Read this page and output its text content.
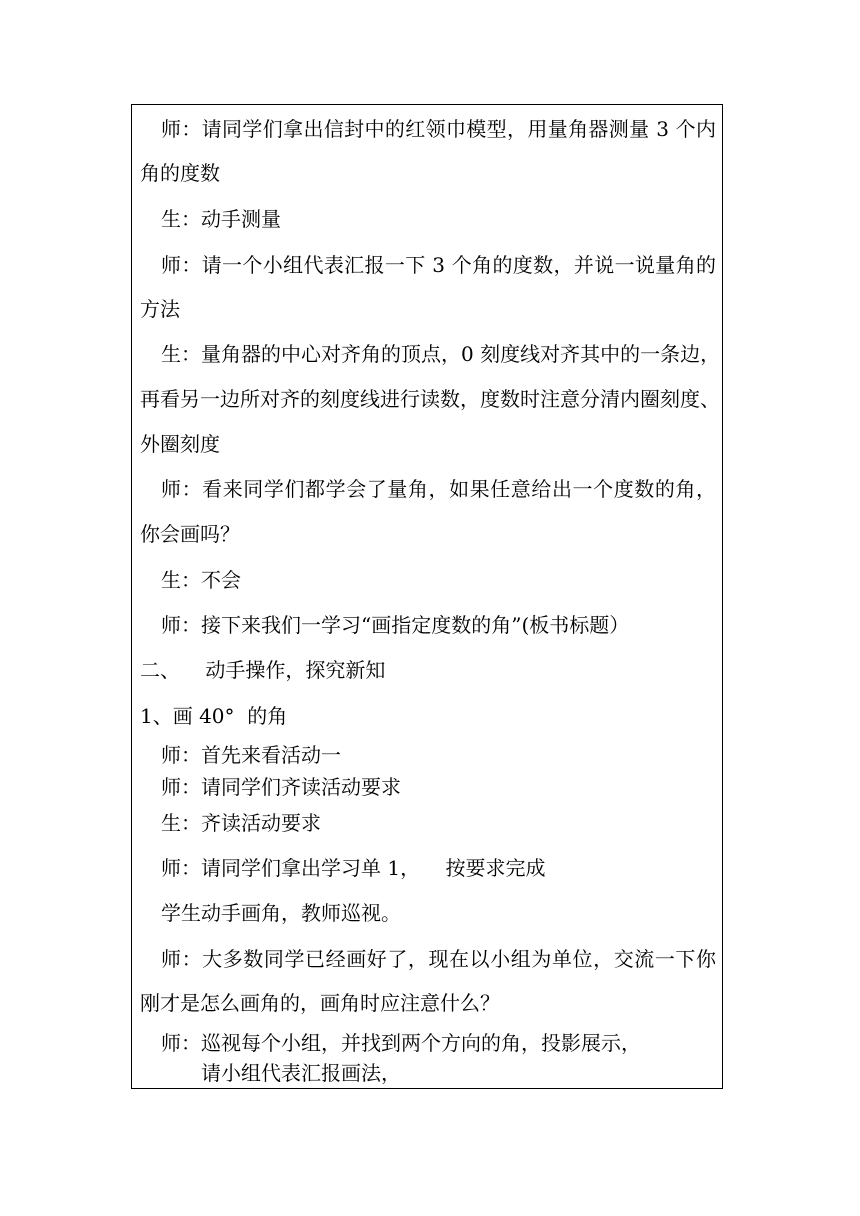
师：请同学们拿出信封中的红领巾模型，用量角器测量 3 个内
角的度数
生：动手测量
师：请一个小组代表汇报一下 3 个角的度数，并说一说量角的
方法
生：量角器的中心对齐角的顶点，0 刻度线对齐其中的一条边，
再看另一边所对齐的刻度线进行读数，度数时注意分清内圈刻度、
外圈刻度
师：看来同学们都学会了量角，如果任意给出一个度数的角，
你会画吗？
生：不会
师：接下来我们一学习“画指定度数的角”(板书标题）
二、    动手操作，探究新知
1、画 40°  的角
师：首先来看活动一
师：请同学们齐读活动要求
生：齐读活动要求
师：请同学们拿出学习单 1，    按要求完成
学生动手画角，教师巡视。
师：大多数同学已经画好了，现在以小组为单位，交流一下你
刚才是怎么画角的，画角时应注意什么？
师：巡视每个小组，并找到两个方向的角，投影展示，
请小组代表汇报画法，
